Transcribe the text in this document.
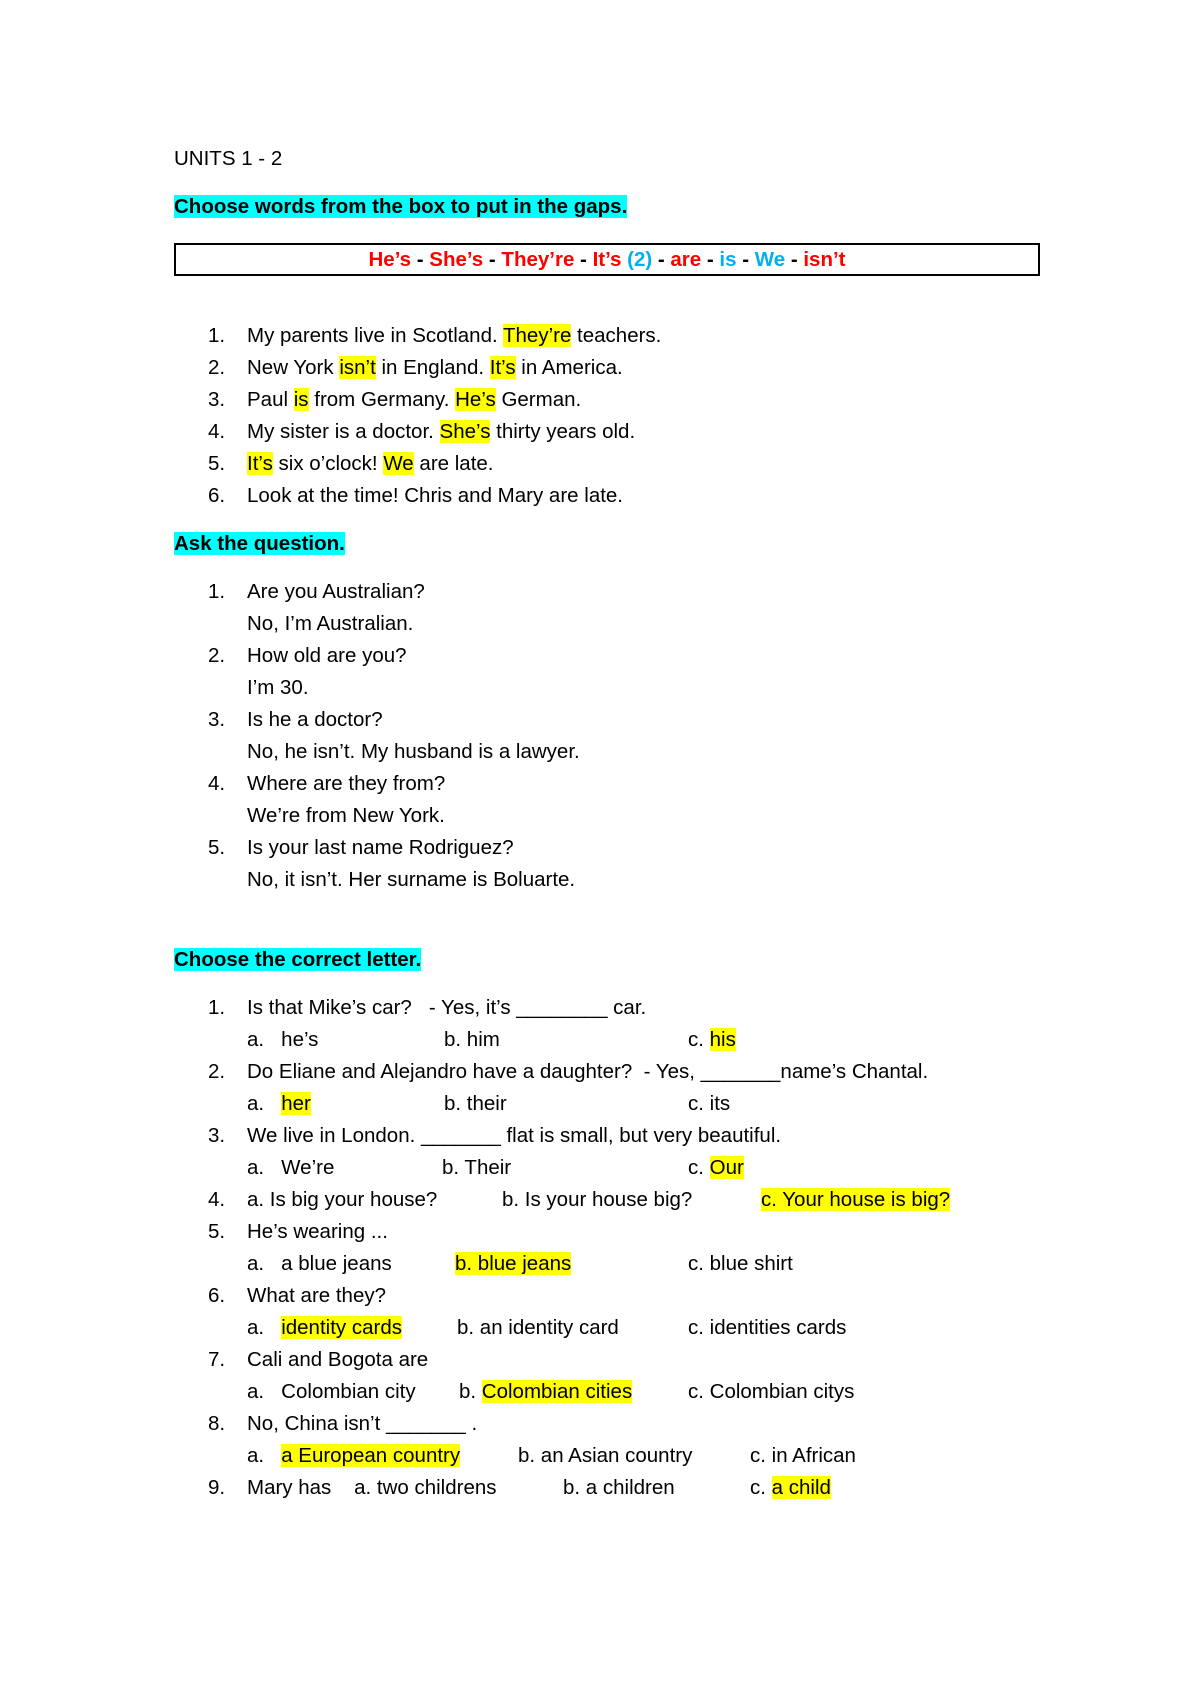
UNITS 1 - 2
Choose words from the box to put in the gaps.
He’s - She’s - They’re - It’s (2) - are - is - We - isn’t
1. My parents live in Scotland. They’re teachers.
2. New York isn’t in England. It’s in America.
3. Paul is from Germany. He’s German.
4. My sister is a doctor. She’s thirty years old.
5. It’s six o’clock! We are late.
6. Look at the time! Chris and Mary are late.
Ask the question.
1. Are you Australian?
No, I’m Australian.
2. How old are you?
I’m 30.
3. Is he a doctor?
No, he isn’t. My husband is a lawyer.
4. Where are they from?
We’re from New York.
5. Is your last name Rodriguez?
No, it isn’t. Her surname is Boluarte.
Choose the correct letter.
1. Is that Mike’s car?   - Yes, it’s ________ car.
a.   he’s	b. him	c. his
2. Do Eliane and Alejandro have a daughter?  - Yes, _______name’s Chantal.
a.   her	b. their	c. its
3. We live in London. _______ flat is small, but very beautiful.
a.   We’re	b. Their	c. Our
4. a. Is big your house?	b. Is your house big?	c. Your house is big?
5. He’s wearing ...
a.   a blue jeans	b. blue jeans	c. blue shirt
6. What are they?
a.   identity cards	b. an identity card	c. identities cards
7. Cali and Bogota are
a.   Colombian city b. Colombian cities	c. Colombian citys
8. No, China isn’t _______ .
a.   a European country	b. an Asian country	c. in African
9. Mary has    a. two childrens	b. a children	c. a child
